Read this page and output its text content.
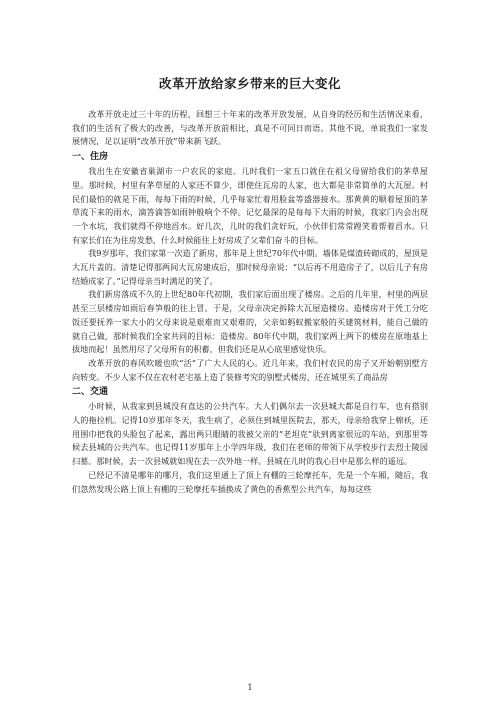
改革开放给家乡带来的巨大变化

改革开放走过三十年的历程，回想三十年来的改革开放发展，从自身的经历和生活情况来看，我们的生活有了极大的改善，与改革开放前相比，真是不可同日而语。其他不说，单说我们一家发展情况，足以证明“改革开放”带来新飞跃。

一、住房

我出生在安徽省巢湖市一户农民的家庭。儿时我们一家五口就住在祖父母留给我们的茅草屋里。那时候，村里有茅草屋的人家还不算少，即使住瓦房的人家，也大都是非常简单的大瓦屋。村民们最怕的就是下雨，每每下雨的时候，几乎每家忙着用脸盆等盛器接水。那黄黄的顺着屋顶的茅草流下来的雨水，滴答滴答如雨钟般响个不停。记忆最深的是每每下大雨的时候，我家门内会出现一个水坑，我们就得不停地舀水。好几次，儿时的我们贪好玩，小伙伴们常常蹚笑着帮着舀水。只有家长们在为住房发愁，什么时候能住上好房成了父辈们奋斗的目标。

我9岁那年，我们家第一次造了新房，那年是上世纪70年代中期。墙体是煤渣砖砌成的，屋顶是大瓦片盖的。清楚记得那两间大瓦房建成后，那时候母亲说：“以后再不用造房子了，以后儿子有房结婚成家了。”记得母亲当时满足的笑了。

我们新房落成不久的上世纪80年代初期，我们家后面出现了楼房。之后的几年里，村里的两层甚至三层楼房如雨后春笋般的往上冒。于是，父母亲决定拆除大瓦屋造楼房。造楼房对于凭工分吃饭还要抚养一家大小的父母来说是艰难而又艰难的，父亲如蚂蚁搬家般的买建筑材料，能自己做的就自己做，那时候我们全家共同的目标：造楼房。80年代中期，我们家两上两下的楼房在原地基上拔地而起！虽然用尽了父母所有的积蓄，但我们还是从心底里感觉快乐。

改革开放的春风吹暖也吹“活”了广大人民的心。近几年来，我们村农民的房子又开始朝别墅方向转变。不少人家不仅在农村老宅基上造了装修考究的别墅式楼房，还在城里买了商品房

二、交通

小时候，从我家到县城没有直达的公共汽车。大人们偶尔去一次县城大都是自行车，也有搭别人的拖拉机。记得10岁那年冬天，我生病了，必须住到城里医院去，那天，母亲给我穿上棉袄，还用围巾把我的头脸包了起来，露出两只眼睛的我被父亲的“老坦克”驮到离家很远的车站，到那里等候去县城的公共汽车。也记得11岁那年上小学四年级，我们在老师的带领下从学校步行去烈士陵园扫墓。那时候，去一次县城就如现在去一次外地一样。县城在儿时的我心目中是那么样的遥远。

已经记不清是哪年的哪月，我们这里通上了顶上有棚的三轮摩托车，先是一个车厢，随后，我们忽然发现公路上顶上有棚的三轮摩托车插换成了黄色的香蕉型公共汽车，每每这些

1
